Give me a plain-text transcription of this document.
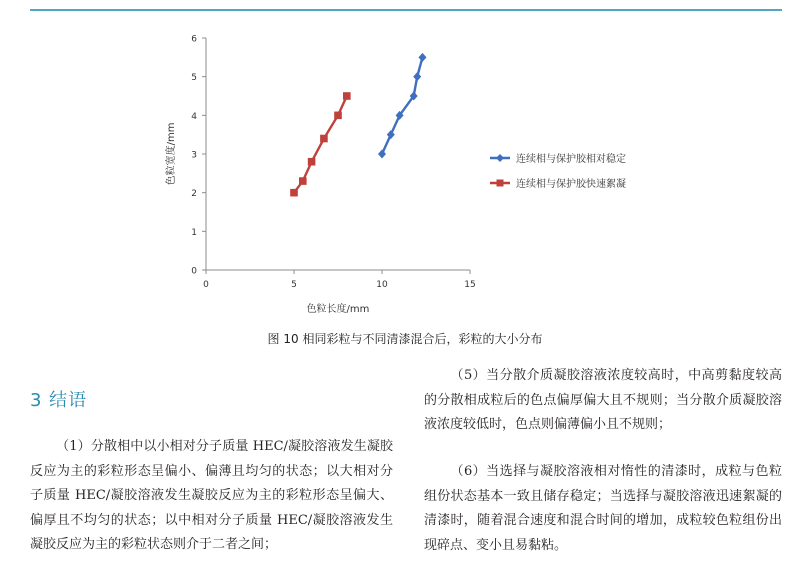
0
1
2
3
4
5
6
0	5	10	15
色粒长度/mm
色粒宽度/mm	连续相与保护胶相对稳定
连续相与保护胶快速絮凝
图 10 相同彩粒与不同清漆混合后，彩粒的大小分布
3 结语
（1）分散相中以小相对分子质量 HEC/凝胶溶液发生凝胶反应为主的彩粒形态呈偏小、偏薄且均匀的状态；以大相对分子质量 HEC/凝胶溶液发生凝胶反应为主的彩粒形态呈偏大、偏厚且不均匀的状态；以中相对分子质量 HEC/凝胶溶液发生凝胶反应为主的彩粒状态则介于二者之间；
（5）当分散介质凝胶溶液浓度较高时，中高剪黏度较高的分散相成粒后的色点偏厚偏大且不规则；当分散介质凝胶溶液浓度较低时，色点则偏薄偏小且不规则；
（6）当选择与凝胶溶液相对惰性的清漆时，成粒与色粒组份状态基本一致且储存稳定；当选择与凝胶溶液迅速絮凝的清漆时，随着混合速度和混合时间的增加，成粒较色粒组份出现碎点、变小且易黏粘。
